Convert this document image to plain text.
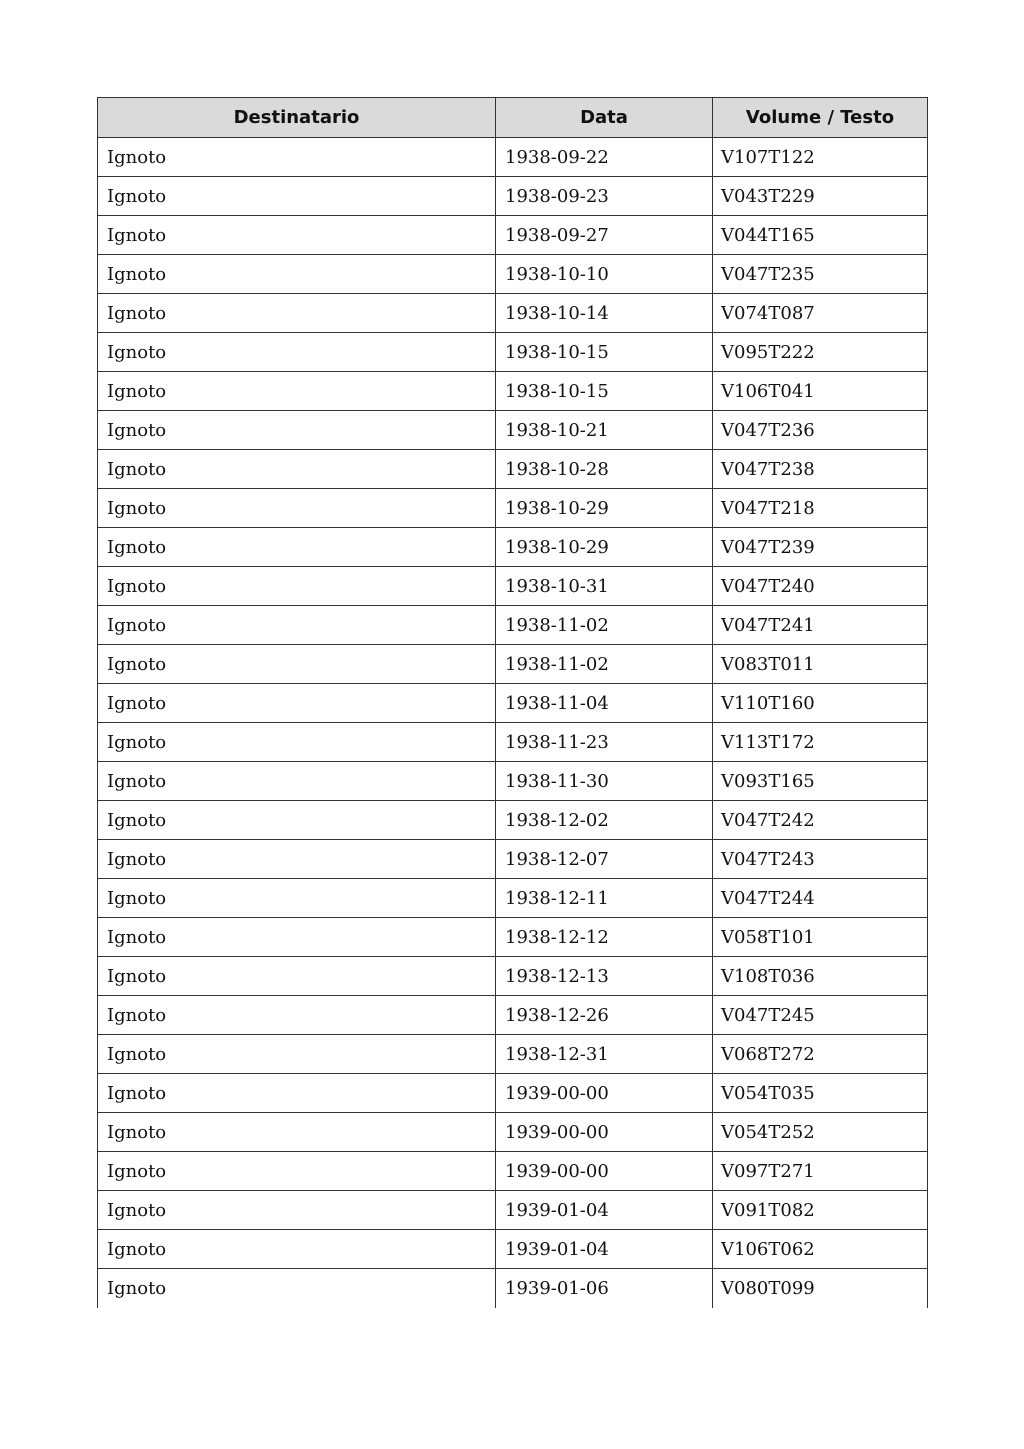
Destinatario	Data	Volume / Testo
Ignoto	1938-09-22	V107T122
Ignoto	1938-09-23	V043T229
Ignoto	1938-09-27	V044T165
Ignoto	1938-10-10	V047T235
Ignoto	1938-10-14	V074T087
Ignoto	1938-10-15	V095T222
Ignoto	1938-10-15	V106T041
Ignoto	1938-10-21	V047T236
Ignoto	1938-10-28	V047T238
Ignoto	1938-10-29	V047T218
Ignoto	1938-10-29	V047T239
Ignoto	1938-10-31	V047T240
Ignoto	1938-11-02	V047T241
Ignoto	1938-11-02	V083T011
Ignoto	1938-11-04	V110T160
Ignoto	1938-11-23	V113T172
Ignoto	1938-11-30	V093T165
Ignoto	1938-12-02	V047T242
Ignoto	1938-12-07	V047T243
Ignoto	1938-12-11	V047T244
Ignoto	1938-12-12	V058T101
Ignoto	1938-12-13	V108T036
Ignoto	1938-12-26	V047T245
Ignoto	1938-12-31	V068T272
Ignoto	1939-00-00	V054T035
Ignoto	1939-00-00	V054T252
Ignoto	1939-00-00	V097T271
Ignoto	1939-01-04	V091T082
Ignoto	1939-01-04	V106T062
Ignoto	1939-01-06	V080T099
